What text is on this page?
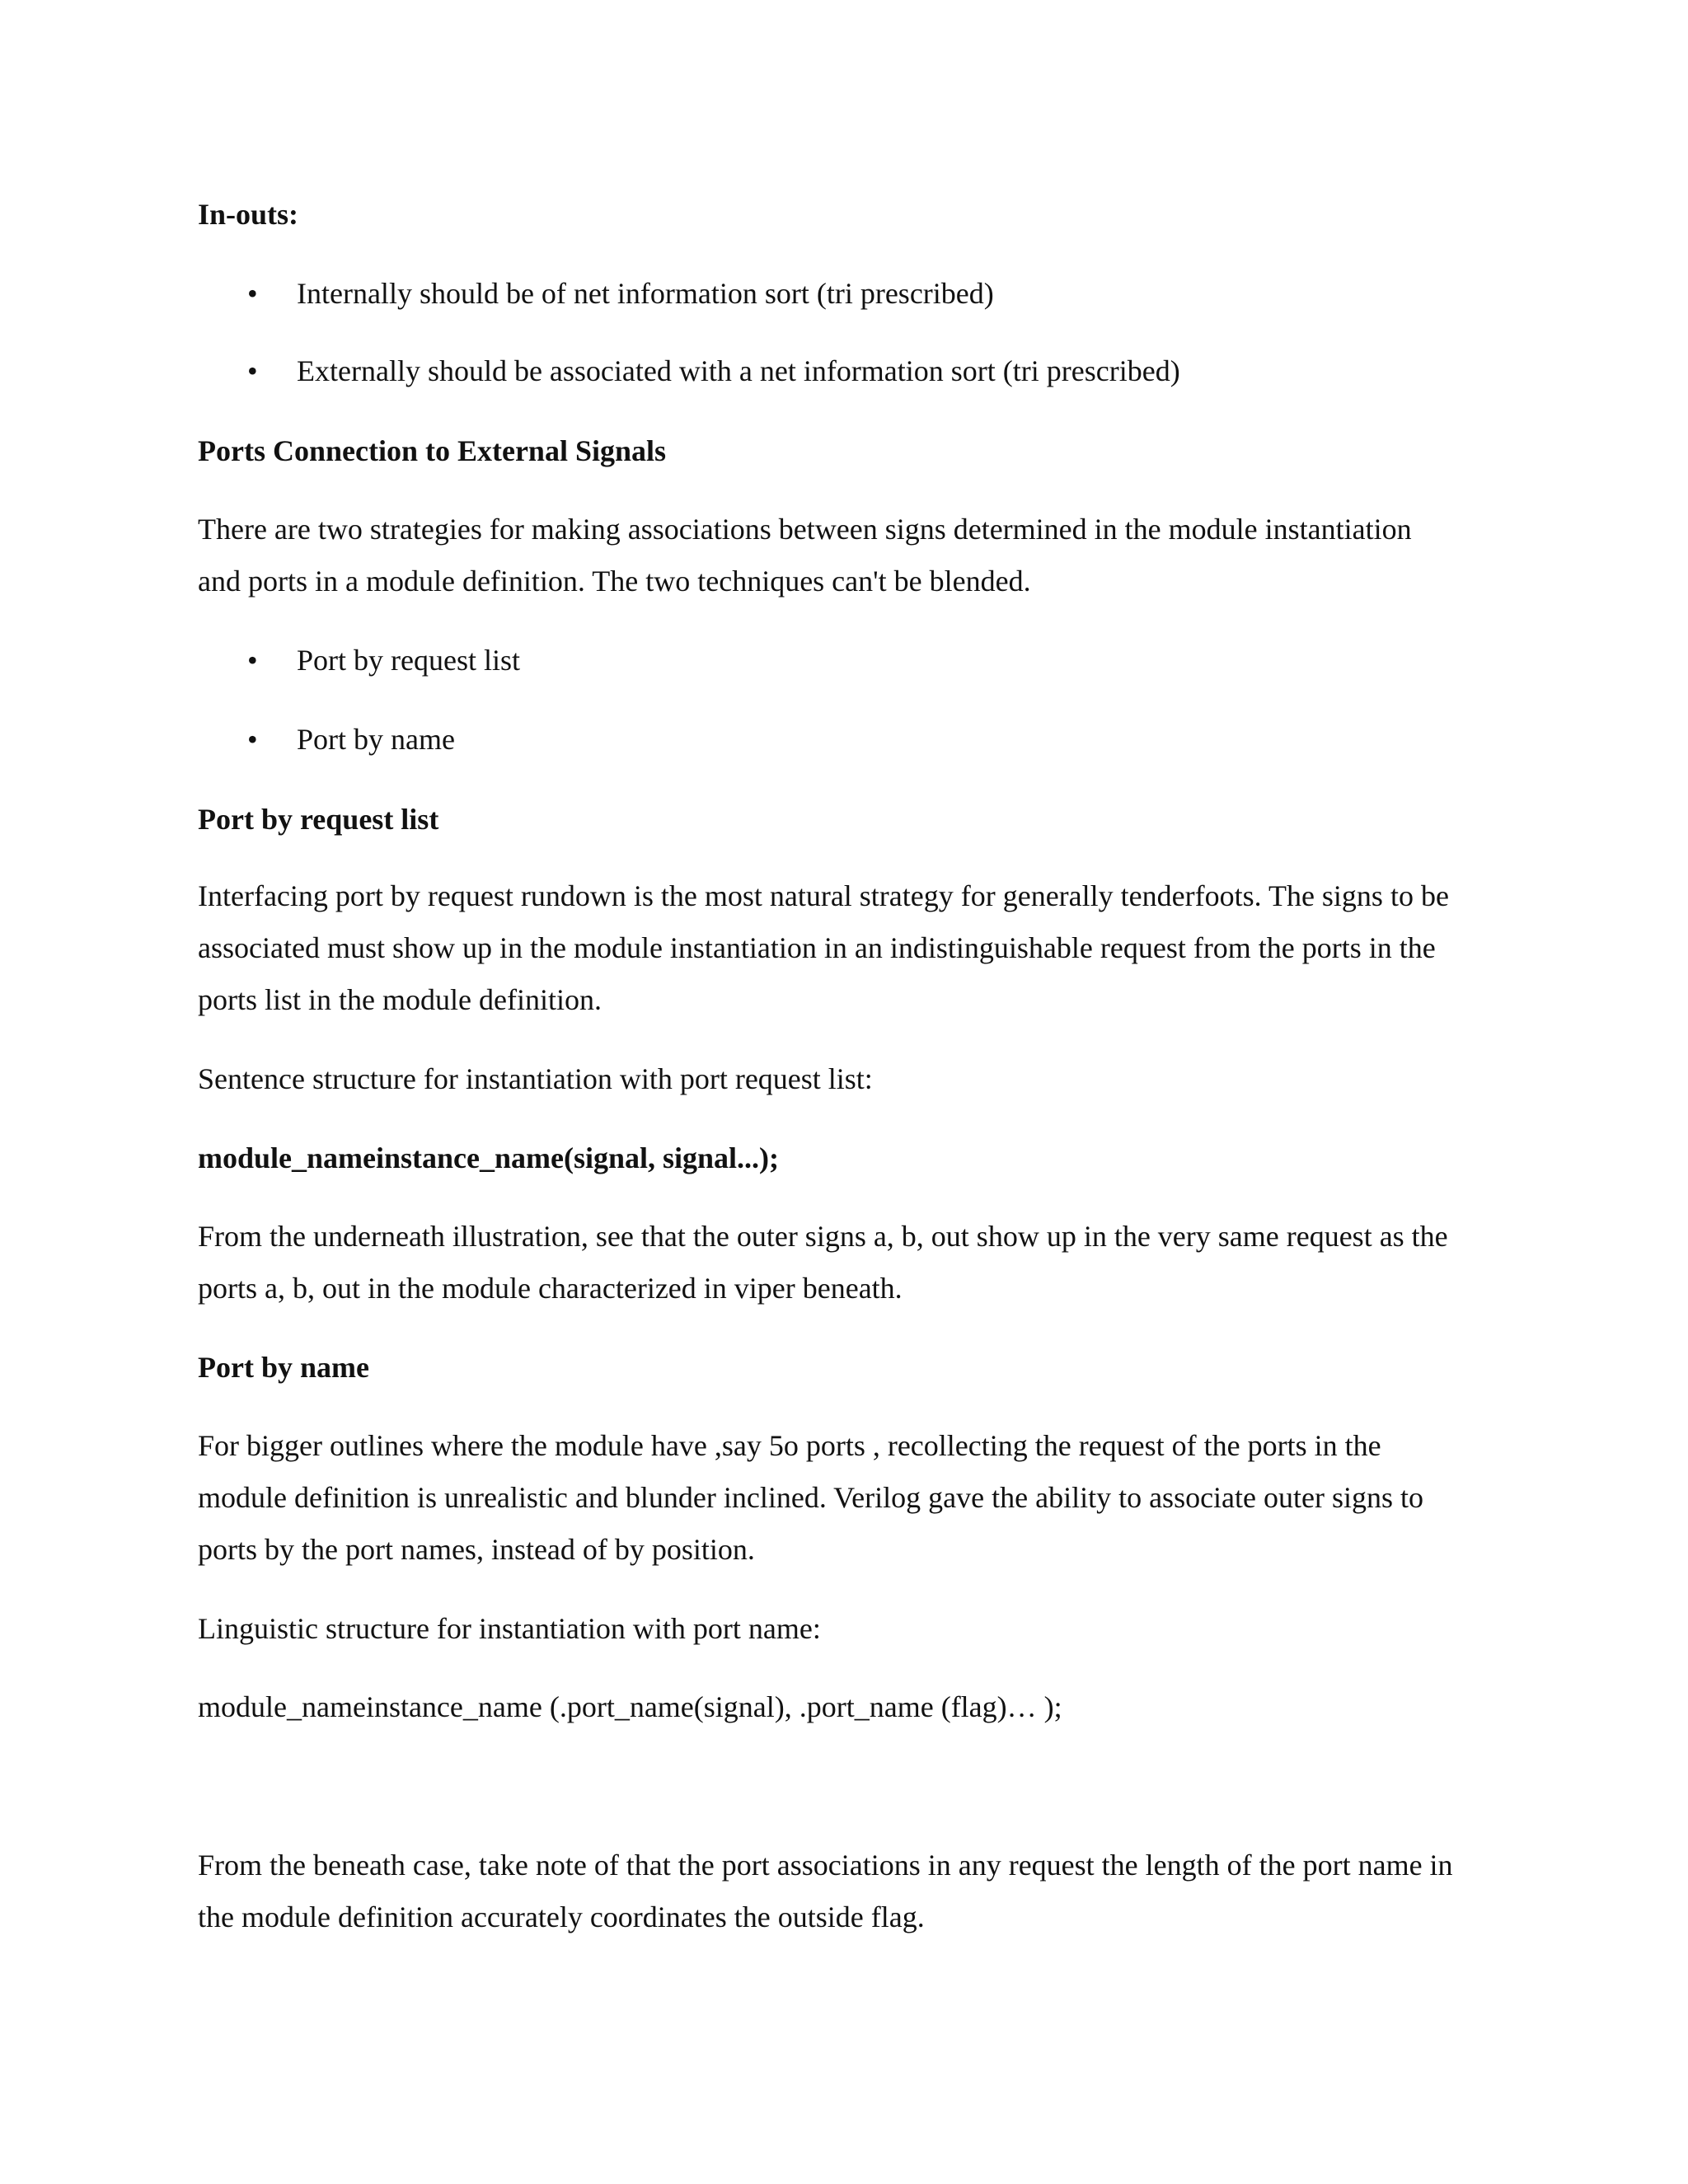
In-outs:

• Internally should be of net information sort (tri prescribed)
• Externally should be associated with a net information sort (tri prescribed)

Ports Connection to External Signals

There are two strategies for making associations between signs determined in the module instantiation

and ports in a module definition. The two techniques can't be blended.

• Port by request list
• Port by name

Port by request list

Interfacing port by request rundown is the most natural strategy for generally tenderfoots. The signs to be

associated must show up in the module instantiation in an indistinguishable request from the ports in the

ports list in the module definition.

Sentence structure for instantiation with port request list:

module_nameinstance_name(signal, signal...);

From the underneath illustration, see that the outer signs a, b, out show up in the very same request as the

ports a, b, out in the module characterized in viper beneath.

Port by name

For bigger outlines where the module have ,say 5o ports , recollecting the request of the ports in the

module definition is unrealistic and blunder inclined. Verilog gave the ability to associate outer signs to

ports by the port names, instead of by position.

Linguistic structure for instantiation with port name:

module_nameinstance_name (.port_name(signal), .port_name (flag)… );

From the beneath case, take note of that the port associations in any request the length of the port name in

the module definition accurately coordinates the outside flag.
